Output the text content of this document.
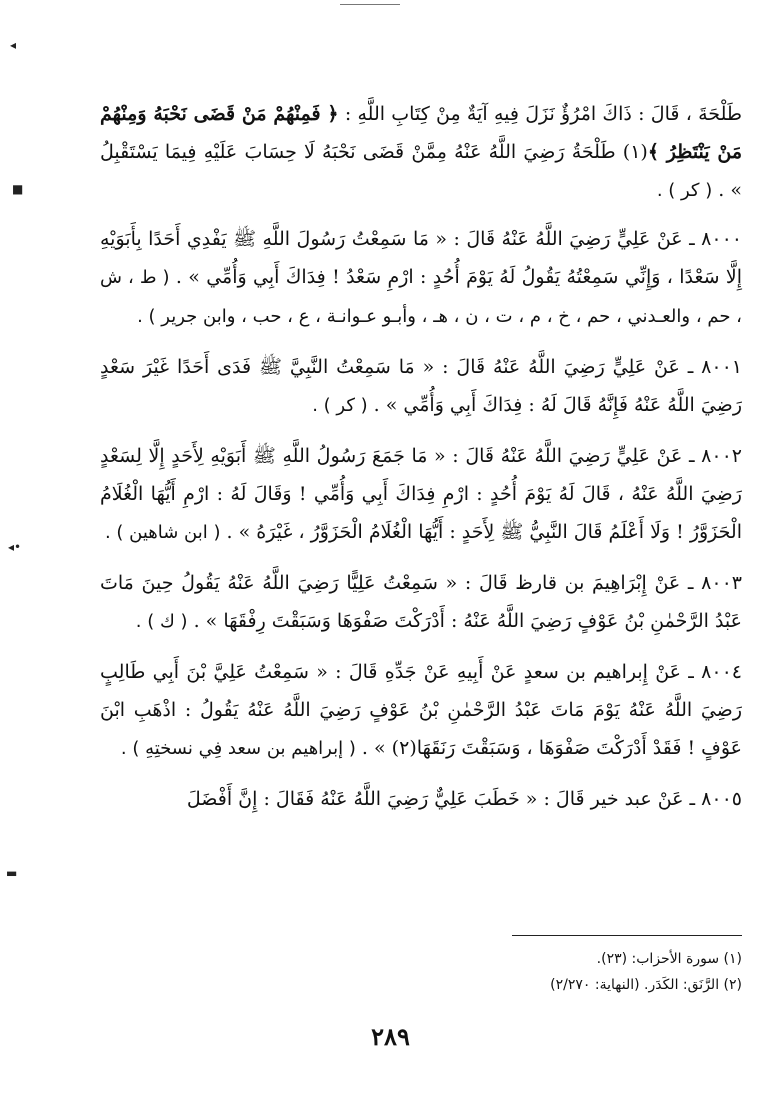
◂
■
◂•
▬

طَلْحَةَ ، قَالَ : ذَاكَ امْرُؤٌ نَزَلَ فِيهِ آيَةٌ مِنْ كِتَابِ اللَّهِ : ﴿ فَمِنْهُمْ مَنْ قَضَى نَحْبَهُ وَمِنْهُمْ مَنْ يَنْتَظِرُ ﴾(١) طَلْحَةُ رَضِيَ اللَّهُ عَنْهُ مِمَّنْ قَضَى نَحْبَهُ لَا حِسَابَ عَلَيْهِ فِيمَا يَسْتَقْبِلُ » . ( كر ) .

٨٠٠٠ ـ عَنْ عَلِيٍّ رَضِيَ اللَّهُ عَنْهُ قَالَ : « مَا سَمِعْتُ رَسُولَ اللَّهِ ﷺ يَفْدِي أَحَدًا بِأَبَوَيْهِ إِلَّا سَعْدًا ، وَإِنِّي سَمِعْتُهُ يَقُولُ لَهُ يَوْمَ أُحُدٍ : ارْمِ سَعْدُ ! فِدَاكَ أَبِي وَأُمِّي » . ( ط ، ش ، حم ، والعـدني ، حم ، خ ، م ، ت ، ن ، هـ ، وأبـو عـوانـة ، ع ، حب ، وابن جرير ) .

٨٠٠١ ـ عَنْ عَلِيٍّ رَضِيَ اللَّهُ عَنْهُ قَالَ : « مَا سَمِعْتُ النَّبِيَّ ﷺ فَدَى أَحَدًا غَيْرَ سَعْدٍ رَضِيَ اللَّهُ عَنْهُ فَإِنَّهُ قَالَ لَهُ : فِدَاكَ أَبِي وَأُمِّي » . ( كر ) .

٨٠٠٢ ـ عَنْ عَلِيٍّ رَضِيَ اللَّهُ عَنْهُ قَالَ : « مَا جَمَعَ رَسُولُ اللَّهِ ﷺ أَبَوَيْهِ لِأَحَدٍ إِلَّا لِسَعْدٍ رَضِيَ اللَّهُ عَنْهُ ، قَالَ لَهُ يَوْمَ أُحُدٍ : ارْمِ فِدَاكَ أَبِي وَأُمِّي ! وَقَالَ لَهُ : ارْمِ أَيُّهَا الْغُلَامُ الْحَزَوَّرُ ! وَلَا أَعْلَمُ قَالَ النَّبِيُّ ﷺ لِأَحَدٍ : أَيُّهَا الْغُلَامُ الْحَزَوَّرُ ، غَيْرَهُ » . ( ابن شاهين ) .

٨٠٠٣ ـ عَنْ إِبْرَاهِيمَ بن قارظ قَالَ : « سَمِعْتُ عَلِيًّا رَضِيَ اللَّهُ عَنْهُ يَقُولُ حِينَ مَاتَ عَبْدُ الرَّحْمٰنِ بْنُ عَوْفٍ رَضِيَ اللَّهُ عَنْهُ : أَدْرَكْتَ صَفْوَهَا وَسَبَقْتَ رِفْقَهَا » . ( ك ) .

٨٠٠٤ ـ عَنْ إِبراهيم بن سعدٍ عَنْ أَبِيهِ عَنْ جَدِّهِ قَالَ : « سَمِعْتُ عَلِيَّ بْنَ أَبِي طَالِبٍ رَضِيَ اللَّهُ عَنْهُ يَوْمَ مَاتَ عَبْدُ الرَّحْمٰنِ بْنُ عَوْفٍ رَضِيَ اللَّهُ عَنْهُ يَقُولُ : اذْهَبِ ابْنَ عَوْفٍ ! فَقَدْ أَدْرَكْتَ صَفْوَهَا ، وَسَبَقْتَ رَنَقَهَا(٢) » . ( إبراهيم بن سعد فِي نسختِهِ ) .

٨٠٠٥ ـ عَنْ عبد خير قَالَ : « خَطَبَ عَلِيٌّ رَضِيَ اللَّهُ عَنْهُ فَقَالَ : إِنَّ أَفْضَلَ

(١) سورة الأحزاب: (٢٣).
(٢) الرَّنَق: الكَدَر. (النهاية: ٢/٢٧٠)
٢٨٩
